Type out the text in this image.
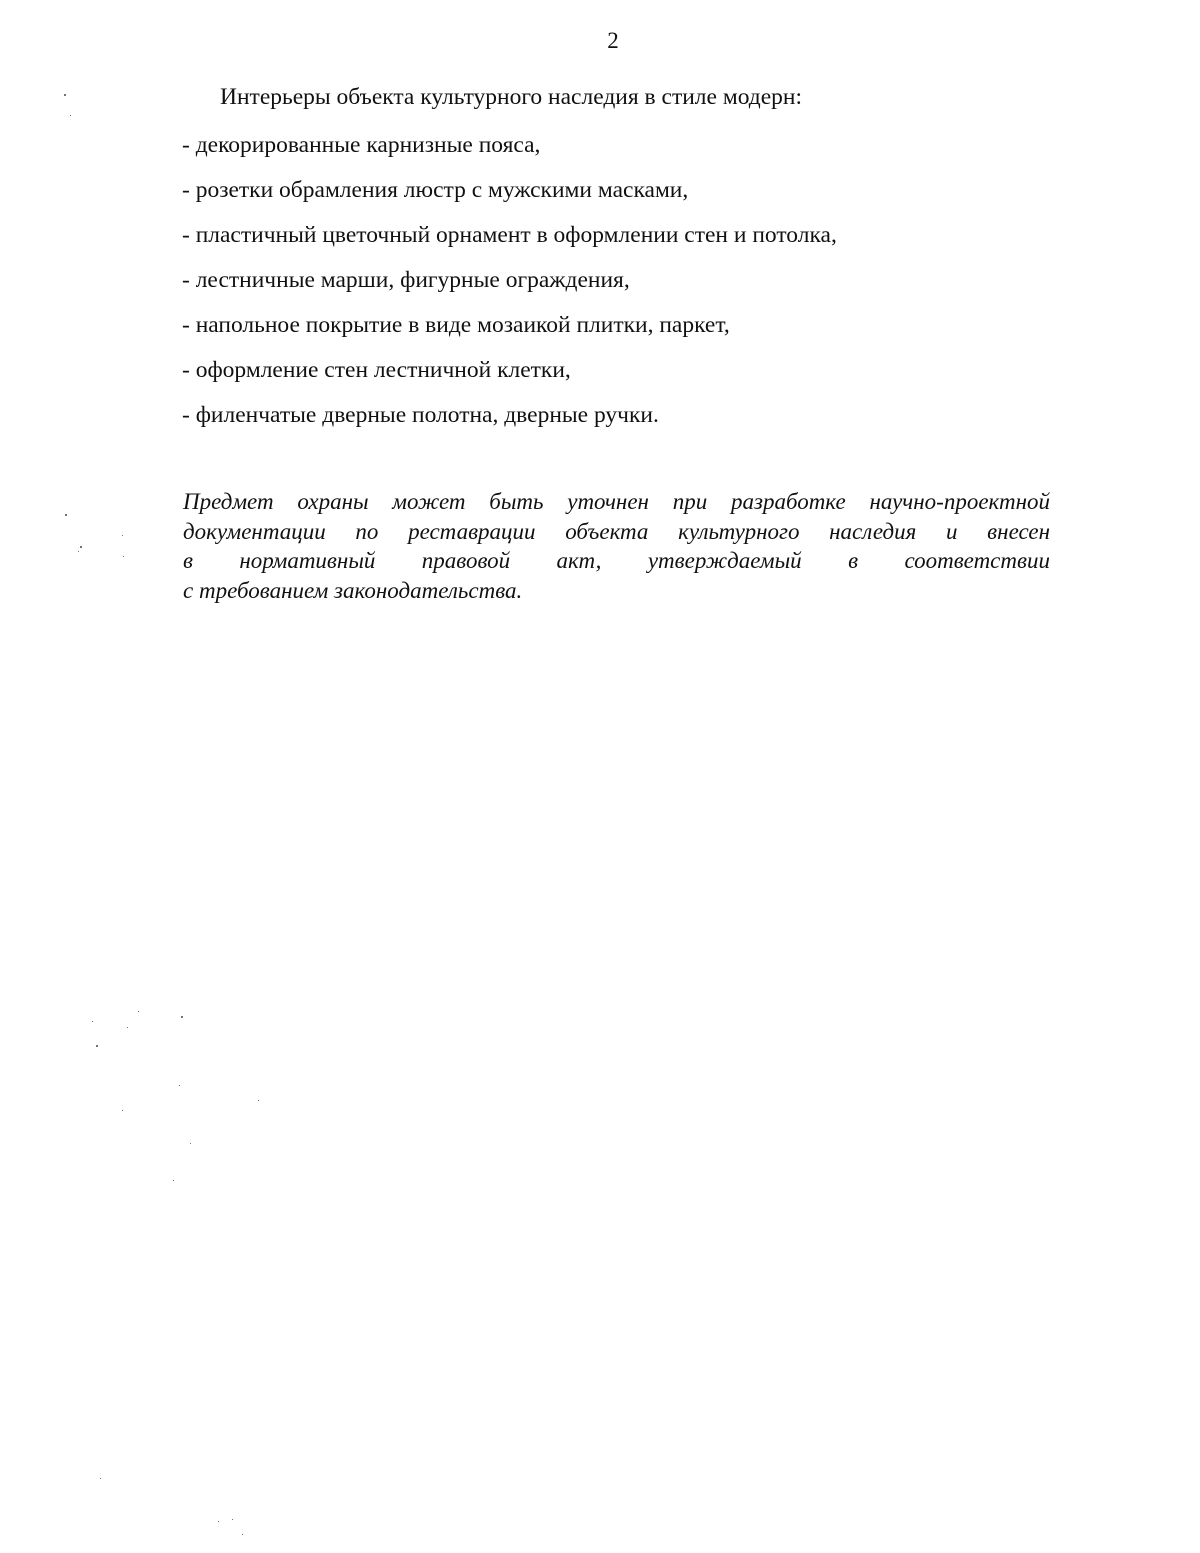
2
Интерьеры объекта культурного наследия в стиле модерн:
- декорированные карнизные пояса,
- розетки обрамления люстр с мужскими масками,
- пластичный цветочный орнамент в оформлении стен и потолка,
- лестничные марши, фигурные ограждения,
- напольное покрытие в виде мозаикой плитки, паркет,
- оформление стен лестничной клетки,
- филенчатые дверные полотна, дверные ручки.
Предмет охраны может быть уточнен при разработке научно-проектной
документации по реставрации объекта культурного наследия и внесен
в нормативный правовой акт, утверждаемый в соответствии
с требованием законодательства.
